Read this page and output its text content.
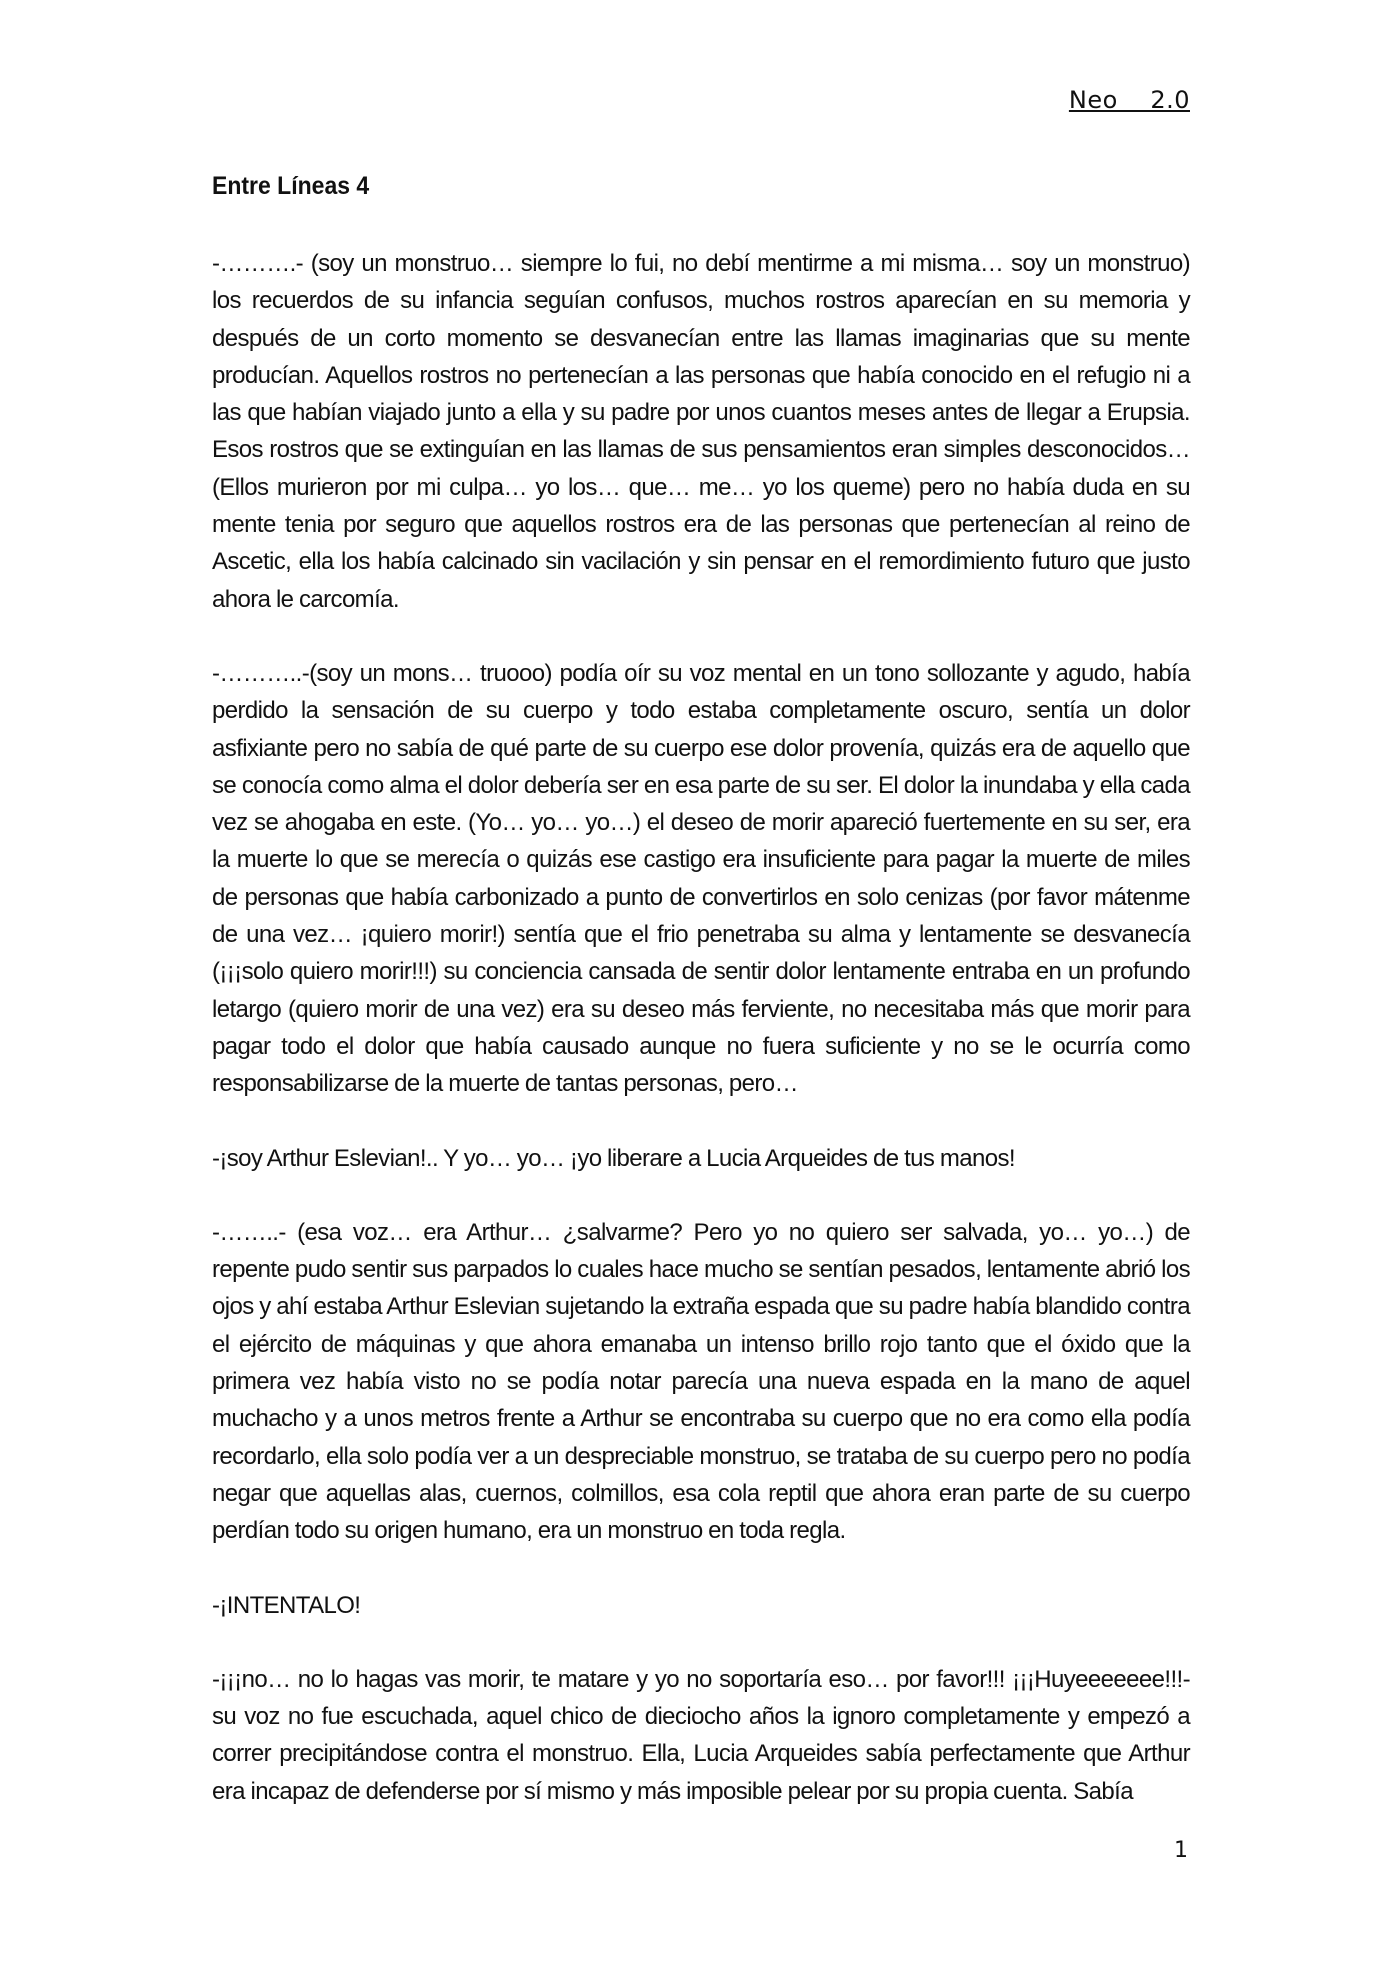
Neo    2.0
Entre Líneas 4

-……….- (soy un monstruo… siempre lo fui, no debí mentirme a mi misma… soy un monstruo) los recuerdos de su infancia seguían confusos, muchos rostros aparecían en su memoria y después de un corto momento se desvanecían entre las llamas imaginarias que su mente producían. Aquellos rostros no pertenecían a las personas que había conocido en el refugio ni a las que habían viajado junto a ella y su padre por unos cuantos meses antes de llegar a Erupsia. Esos rostros que se extinguían en las llamas de sus pensamientos eran simples desconocidos… (Ellos murieron por mi culpa… yo los… que… me… yo los queme) pero no había duda en su mente tenia por seguro que aquellos rostros era de las personas que pertenecían al reino de Ascetic, ella los había calcinado sin vacilación y sin pensar en el remordimiento futuro que justo ahora le carcomía.

-………..-(soy un mons… truooo) podía oír su voz mental en un tono sollozante y agudo, había perdido la sensación de su cuerpo y todo estaba completamente oscuro, sentía un dolor asfixiante pero no sabía de qué parte de su cuerpo ese dolor provenía, quizás era de aquello que se conocía como alma el dolor debería ser en esa parte de su ser. El dolor la inundaba y ella cada vez se ahogaba en este. (Yo… yo… yo…) el deseo de morir apareció fuertemente en su ser, era la muerte lo que se merecía o quizás ese castigo era insuficiente para pagar la muerte de miles de personas que había carbonizado a punto de convertirlos en solo cenizas (por favor mátenme de una vez… ¡quiero morir!) sentía que el frio penetraba su alma y lentamente se desvanecía (¡¡¡solo quiero morir!!!) su conciencia cansada de sentir dolor lentamente entraba en un profundo letargo (quiero morir de una vez) era su deseo más ferviente, no necesitaba más que morir para pagar todo el dolor que había causado aunque no fuera suficiente y no se le ocurría como responsabilizarse de la muerte de tantas personas, pero…

-¡soy Arthur Eslevian!.. Y yo… yo… ¡yo liberare a Lucia Arqueides de tus manos!

-……..- (esa voz… era Arthur… ¿salvarme? Pero yo no quiero ser salvada, yo… yo…) de repente pudo sentir sus parpados lo cuales hace mucho se sentían pesados, lentamente abrió los ojos y ahí estaba Arthur Eslevian sujetando la extraña espada que su padre había blandido contra el ejército de máquinas y que ahora emanaba un intenso brillo rojo tanto que el óxido que la primera vez había visto no se podía notar parecía una nueva espada en la mano de aquel muchacho y a unos metros frente a Arthur se encontraba su cuerpo que no era como ella podía recordarlo, ella solo podía ver a un despreciable monstruo, se trataba de su cuerpo pero no podía negar que aquellas alas, cuernos, colmillos, esa cola reptil que ahora eran parte de su cuerpo perdían todo su origen humano, era un monstruo en toda regla.

-¡INTENTALO!

-¡¡¡no… no lo hagas vas morir, te matare y yo no soportaría eso… por favor!!! ¡¡¡Huyeeeeeee!!!- su voz no fue escuchada, aquel chico de dieciocho años la ignoro completamente y empezó a correr precipitándose contra el monstruo. Ella, Lucia Arqueides sabía perfectamente que Arthur era incapaz de defenderse por sí mismo y más imposible pelear por su propia cuenta. Sabía

1
